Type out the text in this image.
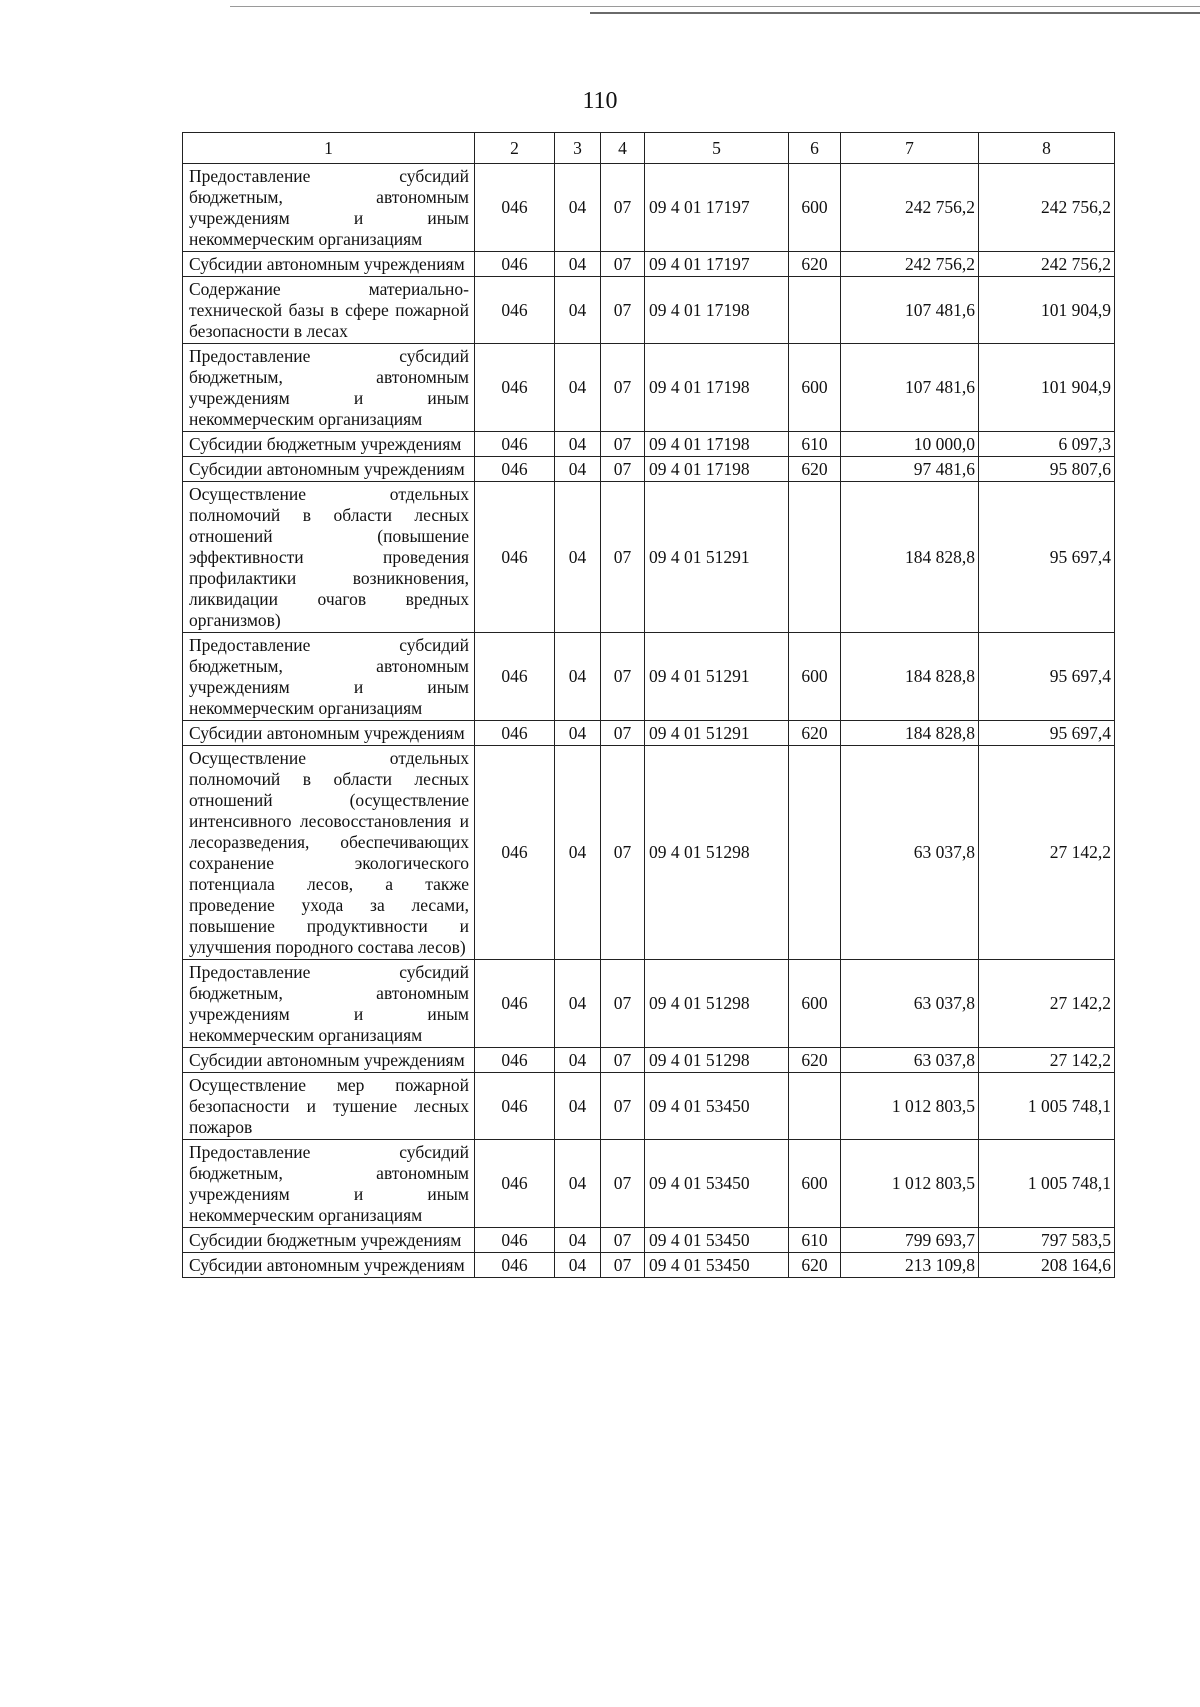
110
1	2	3	4	5	6	7	8
Предоставление субсидий бюджетным, автономным учреждениям и иным некоммерческим организациям	046	04	07	09 4 01 17197	600	242 756,2	242 756,2
Субсидии автономным учреждениям	046	04	07	09 4 01 17197	620	242 756,2	242 756,2
Содержание материально-технической базы в сфере пожарной безопасности в лесах	046	04	07	09 4 01 17198		107 481,6	101 904,9
Предоставление субсидий бюджетным, автономным учреждениям и иным некоммерческим организациям	046	04	07	09 4 01 17198	600	107 481,6	101 904,9
Субсидии бюджетным учреждениям	046	04	07	09 4 01 17198	610	10 000,0	6 097,3
Субсидии автономным учреждениям	046	04	07	09 4 01 17198	620	97 481,6	95 807,6
Осуществление отдельных полномочий в области лесных отношений (повышение эффективности проведения профилактики возникновения, ликвидации очагов вредных организмов)	046	04	07	09 4 01 51291		184 828,8	95 697,4
Предоставление субсидий бюджетным, автономным учреждениям и иным некоммерческим организациям	046	04	07	09 4 01 51291	600	184 828,8	95 697,4
Субсидии автономным учреждениям	046	04	07	09 4 01 51291	620	184 828,8	95 697,4
Осуществление отдельных полномочий в области лесных отношений (осуществление интенсивного лесовосстановления и лесоразведения, обеспечивающих сохранение экологического потенциала лесов, а также проведение ухода за лесами, повышение продуктивности и улучшения породного состава лесов)	046	04	07	09 4 01 51298		63 037,8	27 142,2
Предоставление субсидий бюджетным, автономным учреждениям и иным некоммерческим организациям	046	04	07	09 4 01 51298	600	63 037,8	27 142,2
Субсидии автономным учреждениям	046	04	07	09 4 01 51298	620	63 037,8	27 142,2
Осуществление мер пожарной безопасности и тушение лесных пожаров	046	04	07	09 4 01 53450		1 012 803,5	1 005 748,1
Предоставление субсидий бюджетным, автономным учреждениям и иным некоммерческим организациям	046	04	07	09 4 01 53450	600	1 012 803,5	1 005 748,1
Субсидии бюджетным учреждениям	046	04	07	09 4 01 53450	610	799 693,7	797 583,5
Субсидии автономным учреждениям	046	04	07	09 4 01 53450	620	213 109,8	208 164,6
